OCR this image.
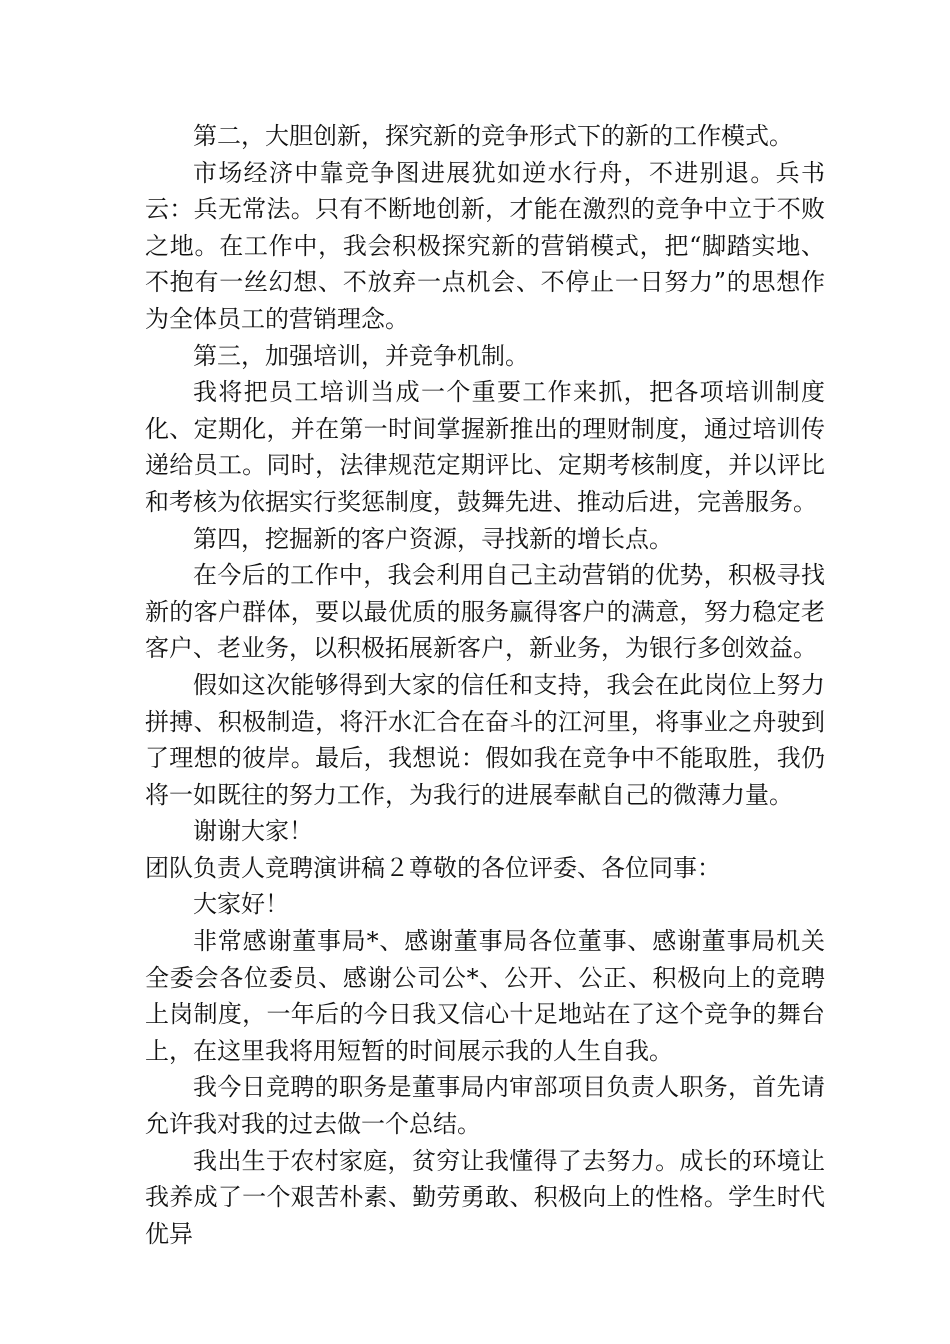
第二，大胆创新，探究新的竞争形式下的新的工作模式。

市场经济中靠竞争图进展犹如逆水行舟，不进别退。兵书云：兵无常法。只有不断地创新，才能在激烈的竞争中立于不败之地。在工作中，我会积极探究新的营销模式，把“脚踏实地、不抱有一丝幻想、不放弃一点机会、不停止一日努力”的思想作为全体员工的营销理念。

第三，加强培训，并竞争机制。

我将把员工培训当成一个重要工作来抓，把各项培训制度化、定期化，并在第一时间掌握新推出的理财制度，通过培训传递给员工。同时，法律规范定期评比、定期考核制度，并以评比和考核为依据实行奖惩制度，鼓舞先进、推动后进，完善服务。

第四，挖掘新的客户资源，寻找新的增长点。

在今后的工作中，我会利用自己主动营销的优势，积极寻找新的客户群体，要以最优质的服务赢得客户的满意，努力稳定老客户、老业务，以积极拓展新客户，新业务，为银行多创效益。

假如这次能够得到大家的信任和支持，我会在此岗位上努力拼搏、积极制造，将汗水汇合在奋斗的江河里，将事业之舟驶到了理想的彼岸。最后，我想说：假如我在竞争中不能取胜，我仍将一如既往的努力工作，为我行的进展奉献自己的微薄力量。

谢谢大家！

团队负责人竞聘演讲稿２尊敬的各位评委、各位同事：

大家好！

非常感谢董事局*、感谢董事局各位董事、感谢董事局机关全委会各位委员、感谢公司公*、公开、公正、积极向上的竞聘上岗制度，一年后的今日我又信心十足地站在了这个竞争的舞台上，在这里我将用短暂的时间展示我的人生自我。

我今日竞聘的职务是董事局内审部项目负责人职务，首先请允许我对我的过去做一个总结。

我出生于农村家庭，贫穷让我懂得了去努力。成长的环境让我养成了一个艰苦朴素、勤劳勇敢、积极向上的性格。学生时代优异
